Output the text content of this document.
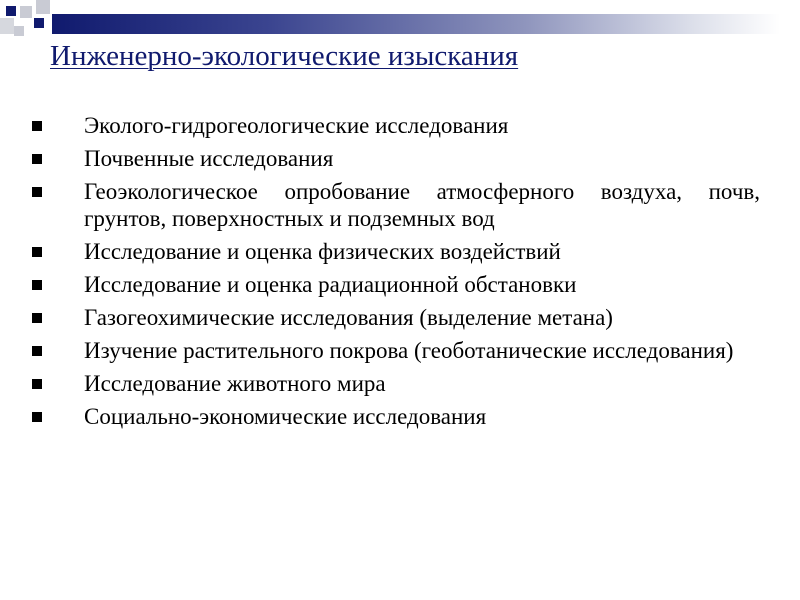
Инженерно-экологические изыскания
Эколого-гидрогеологические исследования
Почвенные исследования
Геоэкологическое опробование атмосферного воздуха, почв, грунтов, поверхностных и подземных вод
Исследование и оценка физических воздействий
Исследование и оценка радиационной обстановки
Газогеохимические исследования (выделение метана)
Изучение растительного покрова (геоботанические исследования)
Исследование животного мира
Социально-экономические исследования
